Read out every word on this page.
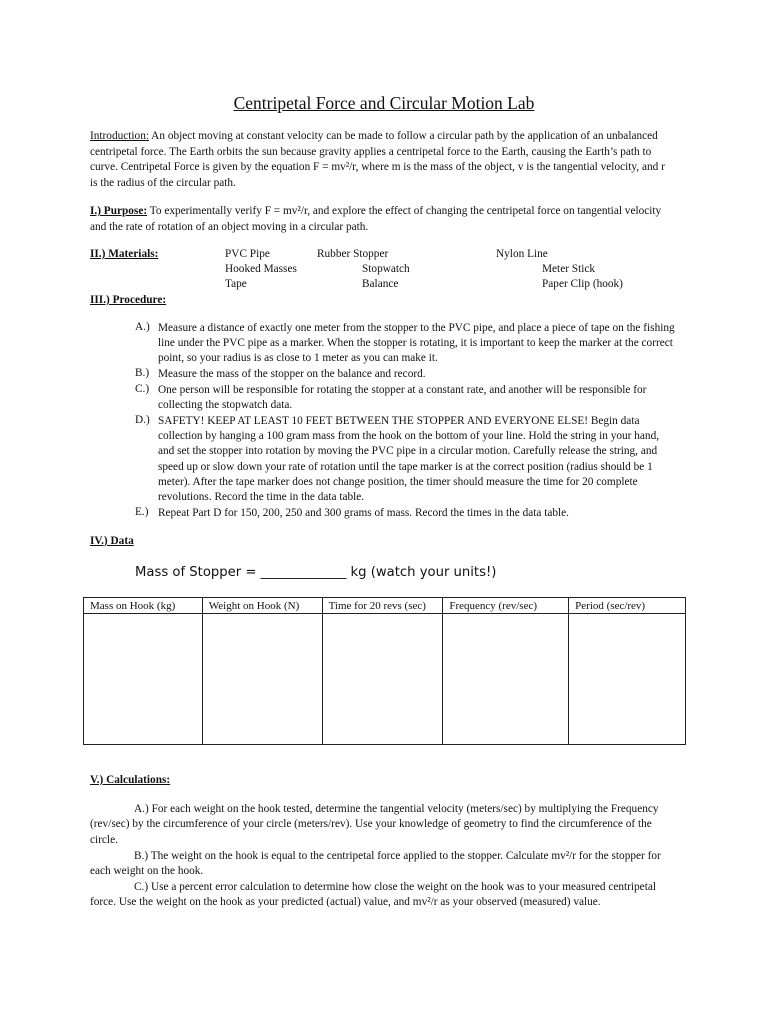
Centripetal Force and Circular Motion Lab
Introduction: An object moving at constant velocity can be made to follow a circular path by the application of an unbalanced
centripetal force. The Earth orbits the sun because gravity applies a centripetal force to the Earth, causing the Earth’s path to
curve. Centripetal Force is given by the equation F = mv²/r, where m is the mass of the object, v is the tangential velocity, and r
is the radius of the circular path.
I.) Purpose: To experimentally verify F = mv²/r, and explore the effect of changing the centripetal force on tangential velocity
and the rate of rotation of an object moving in a circular path.
II.) Materials:	PVC Pipe	Rubber Stopper	Nylon Line
Hooked Masses	Stopwatch	Meter Stick
Tape	Balance	Paper Clip (hook)
III.) Procedure:
A.) Measure a distance of exactly one meter from the stopper to the PVC pipe, and place a piece of tape on the fishing
line under the PVC pipe as a marker. When the stopper is rotating, it is important to keep the marker at the correct
point, so your radius is as close to 1 meter as you can make it.
B.) Measure the mass of the stopper on the balance and record.
C.) One person will be responsible for rotating the stopper at a constant rate, and another will be responsible for
collecting the stopwatch data.
D.) SAFETY! KEEP AT LEAST 10 FEET BETWEEN THE STOPPER AND EVERYONE ELSE! Begin data
collection by hanging a 100 gram mass from the hook on the bottom of your line. Hold the string in your hand,
and set the stopper into rotation by moving the PVC pipe in a circular motion. Carefully release the string, and
speed up or slow down your rate of rotation until the tape marker is at the correct position (radius should be 1
meter). After the tape marker does not change position, the timer should measure the time for 20 complete
revolutions. Record the time in the data table.
E.) Repeat Part D for 150, 200, 250 and 300 grams of mass. Record the times in the data table.
IV.) Data
Mass of Stopper = _____________ kg (watch your units!)
Mass on Hook (kg)	Weight on Hook (N)	Time for 20 revs (sec)	Frequency (rev/sec)	Period (sec/rev)

V.) Calculations:
A.) For each weight on the hook tested, determine the tangential velocity (meters/sec) by multiplying the Frequency
(rev/sec) by the circumference of your circle (meters/rev). Use your knowledge of geometry to find the circumference of the
circle.
B.) The weight on the hook is equal to the centripetal force applied to the stopper. Calculate mv²/r for the stopper for
each weight on the hook.
C.) Use a percent error calculation to determine how close the weight on the hook was to your measured centripetal
force. Use the weight on the hook as your predicted (actual) value, and mv²/r as your observed (measured) value.
